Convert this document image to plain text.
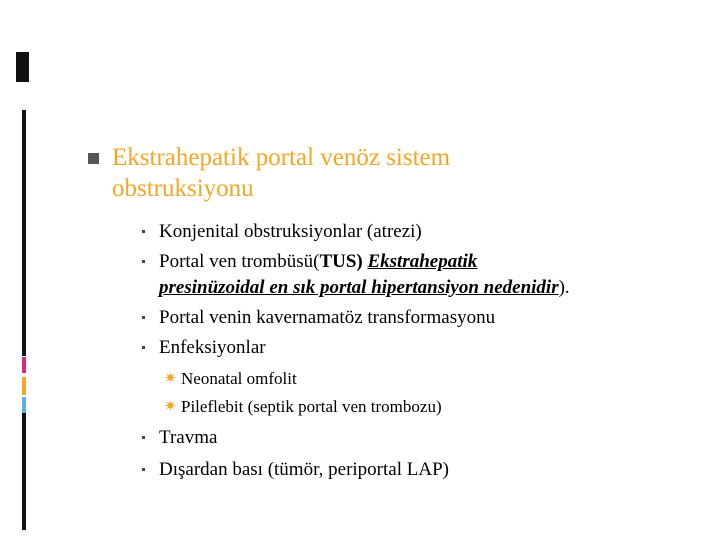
Ekstrahepatik portal venöz sistem
obstruksiyonu
Konjenital obstruksiyonlar (atrezi)
Portal ven trombüsü(TUS) Ekstrahepatik
presinüzoidal en sık portal hipertansiyon nedenidir).
Portal venin kavernamatöz transformasyonu
Enfeksiyonlar
✷ Neonatal omfolit
✷ Pileflebit (septik portal ven trombozu)
Travma
Dışardan bası (tümör, periportal LAP)
